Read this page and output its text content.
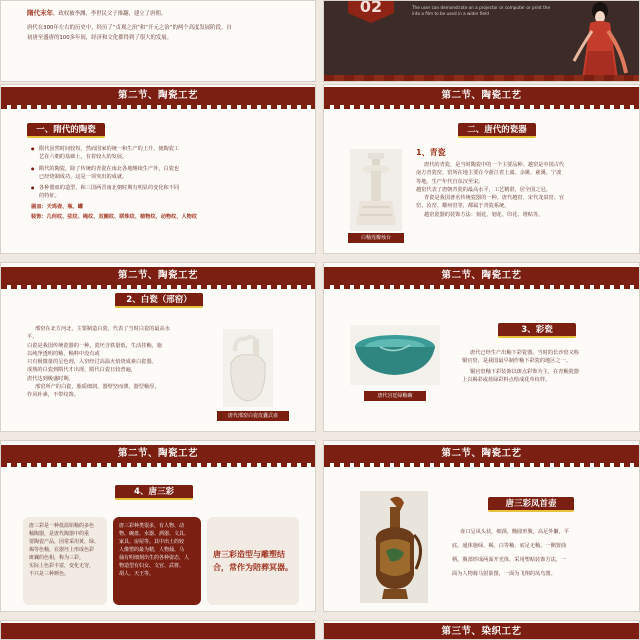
隋代末年，政权被李渊、李世民父子推翻，建立了唐朝。

唐代在300年左右的历史中，经历了“贞观之治”和“开元之治”的两个高度发展阶段。自

初唐至盛唐的100多年间，经济和文化都得到了很大的发展。

02	The user can demonstrate on a projector or computer or print the

into a film to be used in a wider field

第二节、陶瓷工艺
一、隋代的陶瓷

● 隋代虽然时间较短，然而国家的统一和生产的上升，使陶瓷工

艺在六朝的基础上，有着较大的发展。

● 隋代的陶瓷，除了传统的青瓷在南北各地继续生产外，白瓷也

已经烧制成功，这是一项突出的成就。

● 各种器皿的造型，和三国两晋南北朝时期有明显的变化和不同

的特征。

器皿：天鸡壶、瓶、罐

装饰：几何纹、弦纹、绳纹、双圈纹、联珠纹、植物纹、动物纹、人物纹

第二节、陶瓷工艺
二、唐代的瓷器
白釉莲瓣烛台
1、青瓷

唐代的青瓷，是当时陶瓷中的一个主要品种。越窑是中国古代

南方青瓷窑，窑所在地主要在今浙江省上虞、余姚、慈溪、宁波

等地。生产年代自东汉至宋。

越窑代表了唐朝青瓷的最高水平，工艺精湛，居全国之冠。

青瓷是我国著名传统瓷器的一种。唐代越窑、宋代龙泉窑、官

窑、汝窑、耀州窑等，都属于青瓷系统。

越窑瓷器的装饰方法：刻花、划花、印花、堆贴等。

第二节、陶瓷工艺
2、白瓷（邢窑）

邢窑在北方河北，主要制造白瓷，代表了当时白瓷的最高水

平。

白瓷是我国传统瓷器的一种。瓷坯含铁量低，生活挂釉，施

以纯净透明的釉，釉料中没有或

只有极微量的呈色剂，入窑经过高温火焰烧成素白瓷器。

成熟的白瓷到隋代才出现，隋代白瓷日较普遍，

唐代达到极盛时期。

邢窑所产的白瓷，胎质细润，器壁坚而薄，器型釉厚，

作风朴素，不带纹饰。

唐代邢窑白瓷皮囊式壶
第二节、陶瓷工艺
唐代宫廷绿釉碗
3、彩瓷

唐代已经生产出釉下彩瓷器。当时的长沙窑又称

铜官窑，是我国最早制作釉下彩瓷的地区之一。

铜官窑釉下彩装饰以斑点彩饰为主，在青釉瓷器

上以褐彩或蓝绿彩料点绘成花草纹样。

第二节、陶瓷工艺
4、唐三彩

唐三彩是一种低温铅釉的多色

釉陶器，是唐代陶器中的重

要陶瓷产品，因常采用黄、绿、

褐等色釉，在器坯上形成色彩

斑斓的色相，称为三彩。

实际上色彩丰富，变化无穷，

不只是三种颜色。

唐三彩种类很多，有人物、动

物、碗盘、水器、酒器、文具、

家具、房屋等。其中出土的较

人像塑的最为精，人物俑、马

俑有明细刻出生的各种姿态，人

物造型有妇女、文官、武将、

胡人、天王等。

唐三彩造型与雕塑结合，常作为陪葬冥器。

第二节、陶瓷工艺
唐三彩凤首壶

壶口呈凤头状，细颈，椭圆形腹，高足外撇，平

底。通体施绿、褐、白等釉，底足无釉。一侧置曲

柄。腹部形成两面开光体，采用塑贴装饰方法，一

面为人物骑马射箭图，一面为飞翔的凤鸟图。

第三节、染织工艺
